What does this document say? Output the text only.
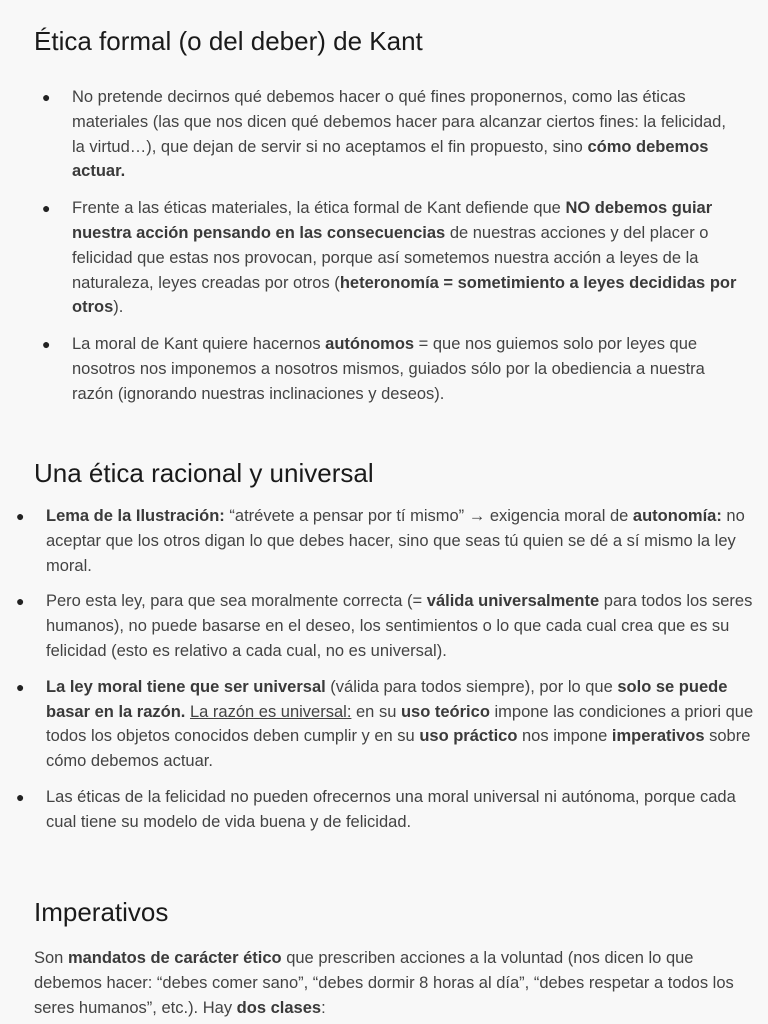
Ética formal (o del deber) de Kant
● No pretende decirnos qué debemos hacer o qué fines proponernos, como las éticas materiales (las que nos dicen qué debemos hacer para alcanzar ciertos fines: la felicidad, la virtud…), que dejan de servir si no aceptamos el fin propuesto, sino cómo debemos actuar.
● Frente a las éticas materiales, la ética formal de Kant defiende que NO debemos guiar nuestra acción pensando en las consecuencias de nuestras acciones y del placer o felicidad que estas nos provocan, porque así sometemos nuestra acción a leyes de la naturaleza, leyes creadas por otros (heteronomía = sometimiento a leyes decididas por otros).
● La moral de Kant quiere hacernos autónomos = que nos guiemos solo por leyes que nosotros nos imponemos a nosotros mismos, guiados sólo por la obediencia a nuestra razón (ignorando nuestras inclinaciones y deseos).
Una ética racional y universal
● Lema de la Ilustración: “atrévete a pensar por tí mismo” → exigencia moral de autonomía: no aceptar que los otros digan lo que debes hacer, sino que seas tú quien se dé a sí mismo la ley moral.
● Pero esta ley, para que sea moralmente correcta (= válida universalmente para todos los seres humanos), no puede basarse en el deseo, los sentimientos o lo que cada cual crea que es su felicidad (esto es relativo a cada cual, no es universal).
● La ley moral tiene que ser universal (válida para todos siempre), por lo que solo se puede basar en la razón. La razón es universal: en su uso teórico impone las condiciones a priori que todos los objetos conocidos deben cumplir y en su uso práctico nos impone imperativos sobre cómo debemos actuar.
● Las éticas de la felicidad no pueden ofrecernos una moral universal ni autónoma, porque cada cual tiene su modelo de vida buena y de felicidad.
Imperativos

Son mandatos de carácter ético que prescriben acciones a la voluntad (nos dicen lo que debemos hacer: “debes comer sano”, “debes dormir 8 horas al día”, “debes respetar a todos los seres humanos”, etc.). Hay dos clases:
